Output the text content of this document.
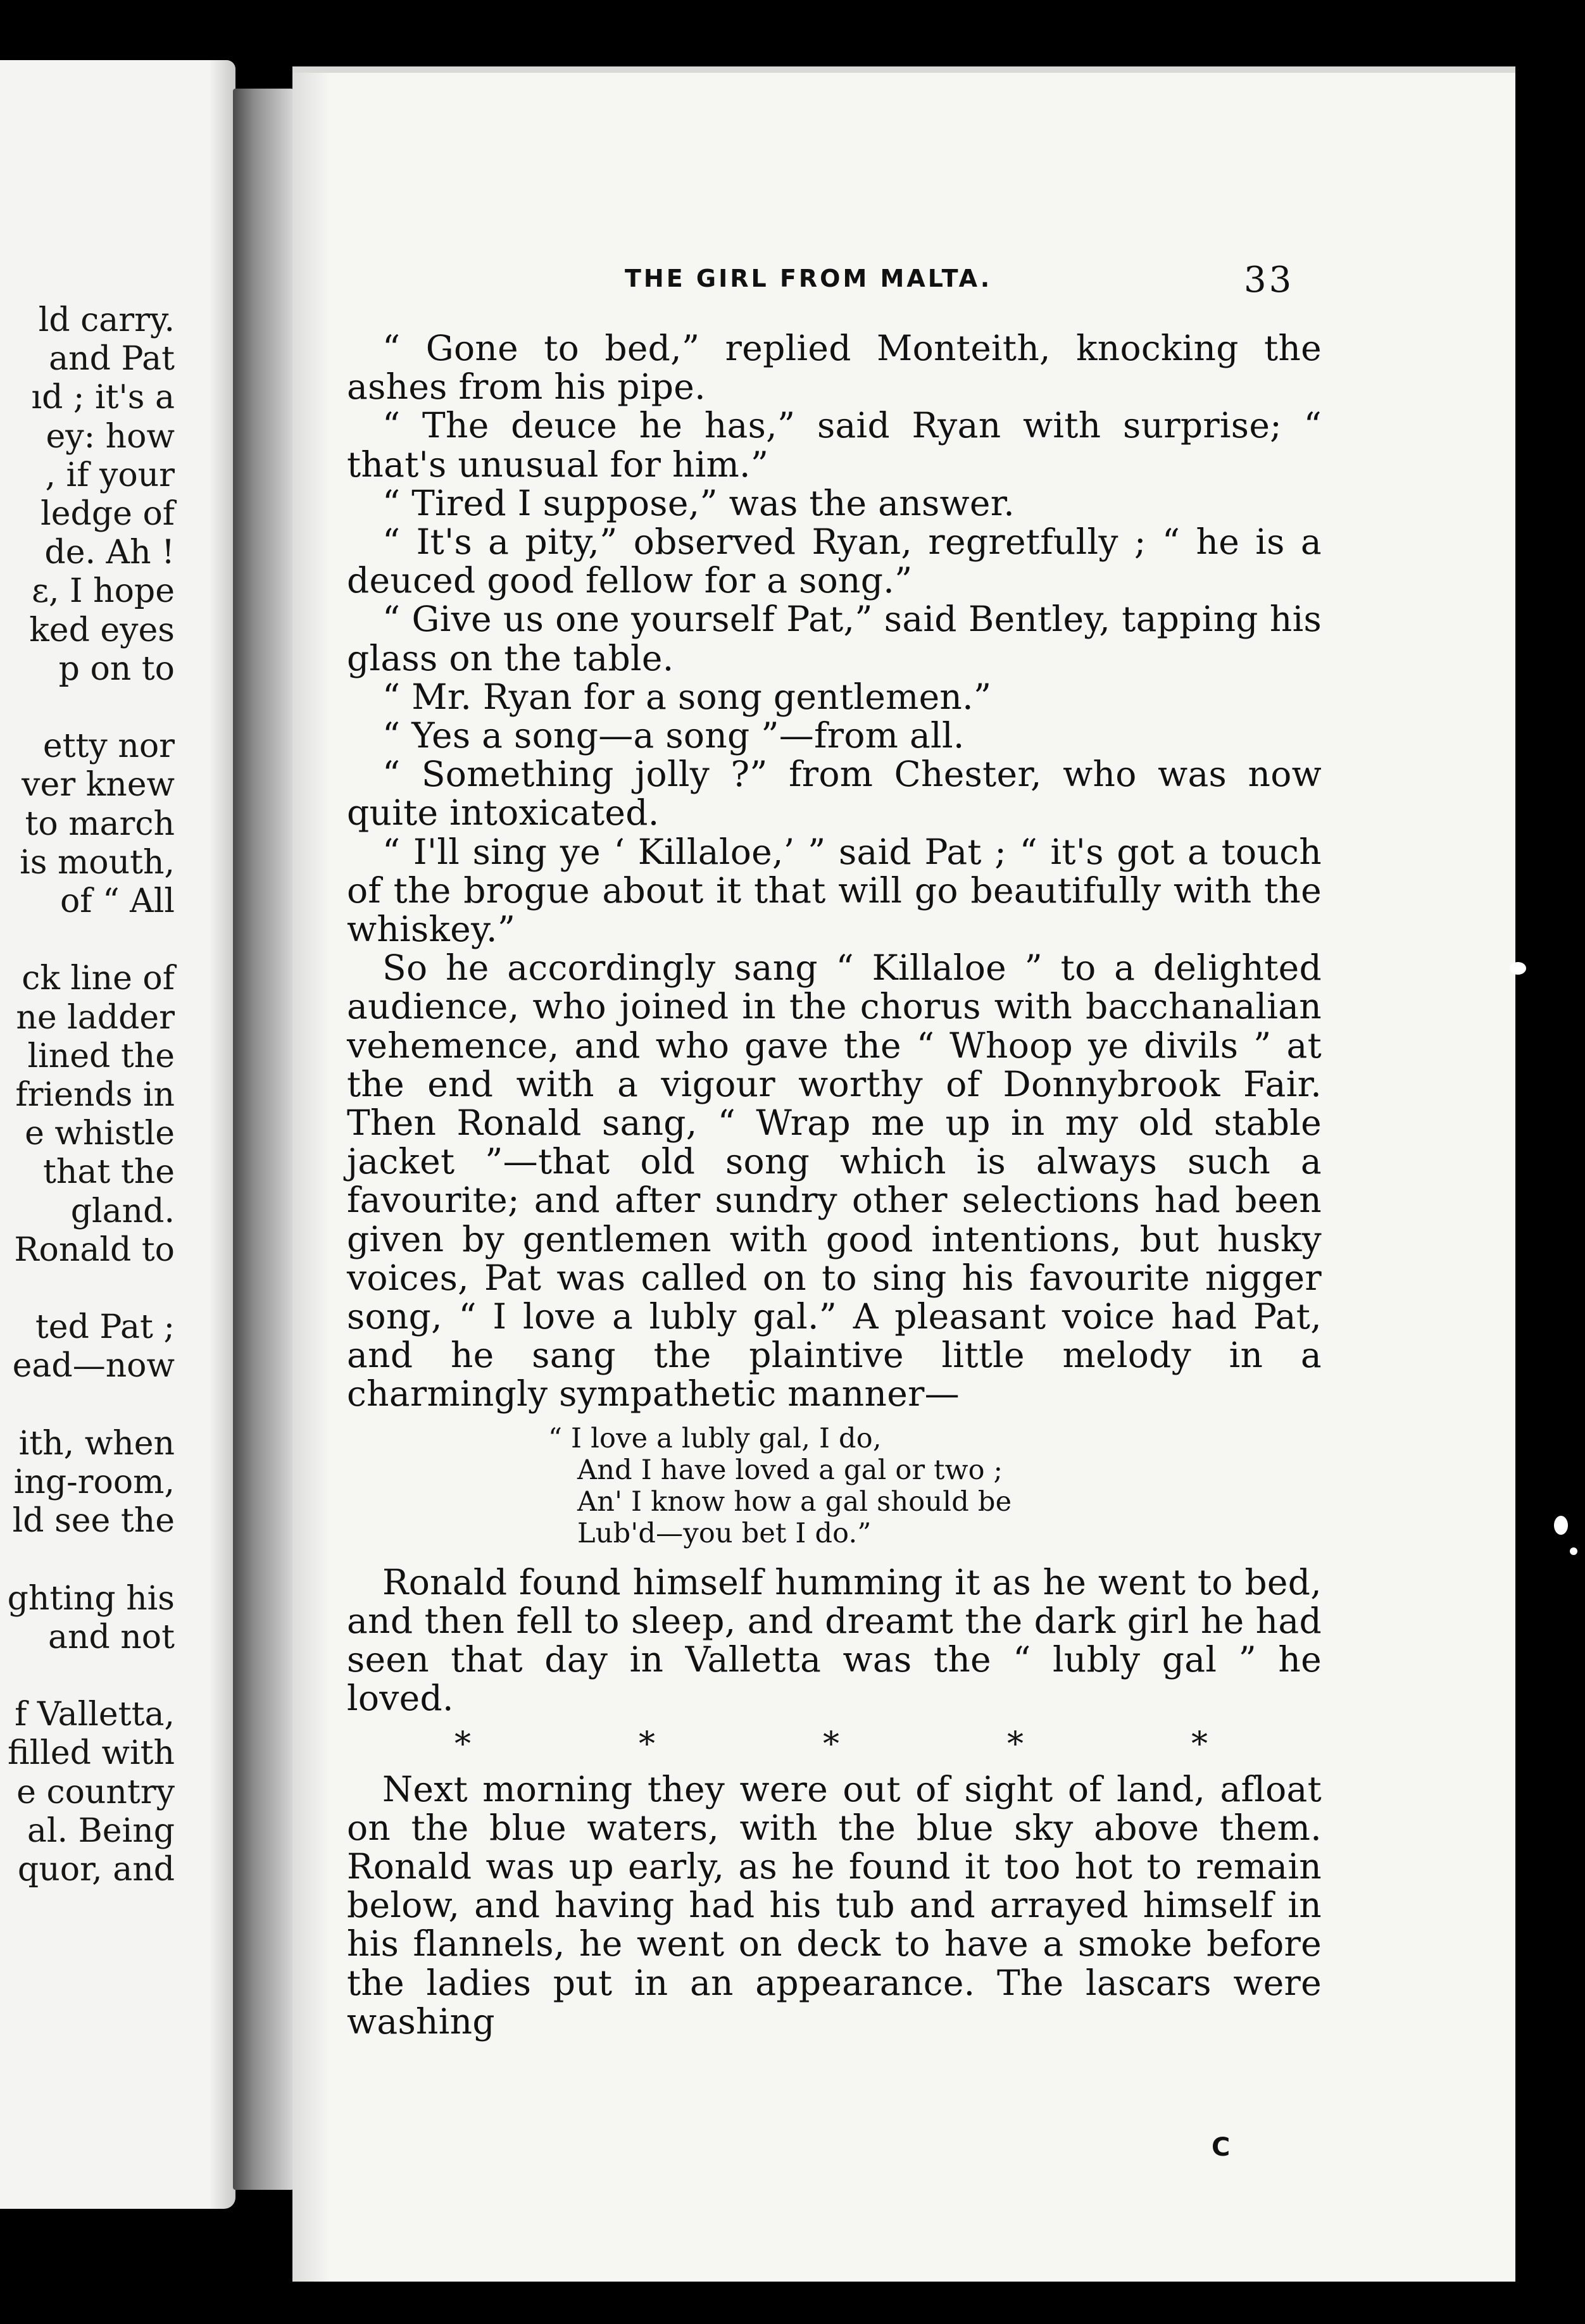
ld carry.
and Pat
ıd ; it's a
ey: how
, if your
ledge of
de. Ah !
ɛ, I hope
ked eyes
p on to
etty nor
ver knew
to march
is mouth,
of “ All
ck line of
ne ladder
lined the
friends in
e whistle
that the
gland.
Ronald to
ted Pat ;
ead—now
ith, when
ing-room,
ld see the
ghting his
and not
f Valletta,
filled with
e country
al. Being
quor, and
THE GIRL FROM MALTA.	33

“ Gone to bed,” replied Monteith, knocking the ashes from his pipe.

“ The deuce he has,” said Ryan with surprise; “ that's unusual for him.”

“ Tired I suppose,” was the answer.

“ It's a pity,” observed Ryan, regretfully ; “ he is a deuced good fellow for a song.”

“ Give us one yourself Pat,” said Bentley, tapping his glass on the table.

“ Mr. Ryan for a song gentlemen.”

“ Yes a song—a song ”—from all.

“ Something jolly ?” from Chester, who was now quite intoxicated.

“ I'll sing ye ‘ Killaloe,’ ” said Pat ; “ it's got a touch of the brogue about it that will go beautifully with the whiskey.”

So he accordingly sang “ Killaloe ” to a delighted audience, who joined in the chorus with bacchanalian vehemence, and who gave the “ Whoop ye divils ” at the end with a vigour worthy of Donnybrook Fair. Then Ronald sang, “ Wrap me up in my old stable jacket ”—that old song which is always such a favourite; and after sundry other selections had been given by gentlemen with good intentions, but husky voices, Pat was called on to sing his favourite nigger song, “ I love a lubly gal.” A pleasant voice had Pat, and he sang the plaintive little melody in a charmingly sympathetic manner—

“ I love a lubly gal, I do,
And I have loved a gal or two ;
An' I know how a gal should be
Lub'd—you bet I do.”

Ronald found himself humming it as he went to bed, and then fell to sleep, and dreamt the dark girl he had seen that day in Valletta was the “ lubly gal ” he loved.

*	*	*	*	*

Next morning they were out of sight of land, afloat on the blue waters, with the blue sky above them. Ronald was up early, as he found it too hot to remain below, and having had his tub and arrayed himself in his flannels, he went on deck to have a smoke before the ladies put in an appearance. The lascars were washing

C
